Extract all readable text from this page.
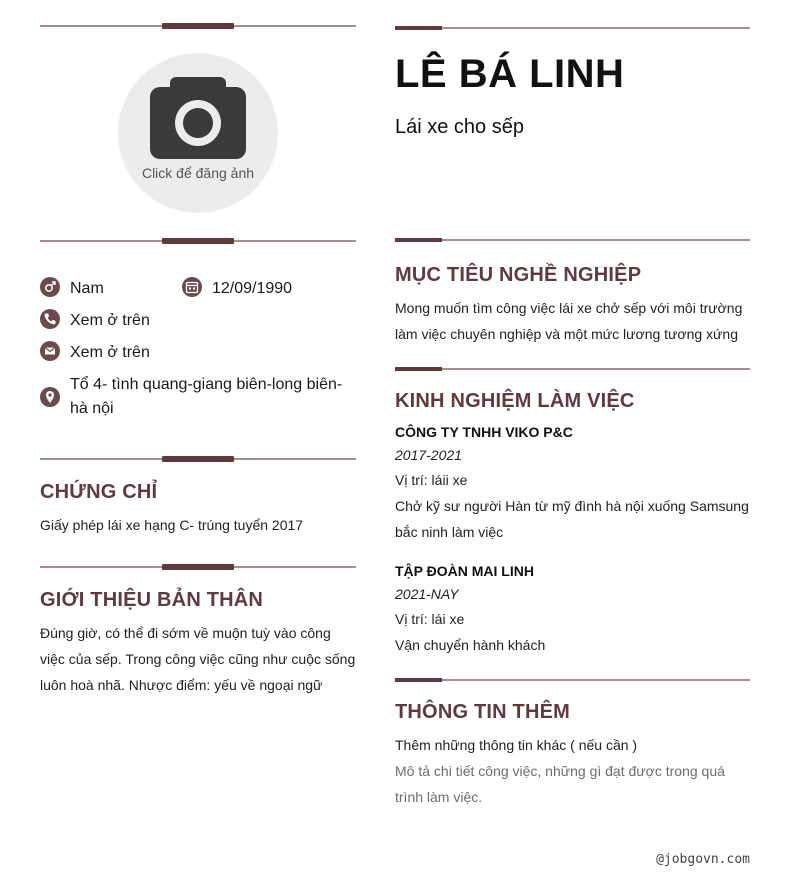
Click để đăng ảnh
Nam	12/09/1990
Xem ở trên
Xem ở trên
Tổ 4- tình quang-giang biên-long biên-hà nội
CHỨNG CHỈ
Giấy phép lái xe hạng C- trúng tuyển 2017
GIỚI THIỆU BẢN THÂN
Đúng giờ, có thể đi sớm về muộn tuỳ vào công việc của sếp. Trong công việc cũng như cuộc sống luôn hoà nhã. Nhược điểm: yếu về ngoại ngữ
LÊ BÁ LINH
Lái xe cho sếp
MỤC TIÊU NGHỀ NGHIỆP
Mong muốn tìm công việc lái xe chở sếp với môi trường làm việc chuyên nghiệp và một mức lương tương xứng
KINH NGHIỆM LÀM VIỆC
CÔNG TY TNHH VIKO P&C
2017-2021
Vị trí: láii xe
Chở kỹ sư người Hàn từ mỹ đình hà nội xuống Samsung bắc ninh làm việc
TẬP ĐOÀN MAI LINH
2021-NAY
Vị trí: lái xe
Vận chuyển hành khách
THÔNG TIN THÊM
Thêm những thông tin khác ( nếu cần )
Mô tả chi tiết công việc, những gì đạt được trong quá trình làm việc.
@jobgovn.com
